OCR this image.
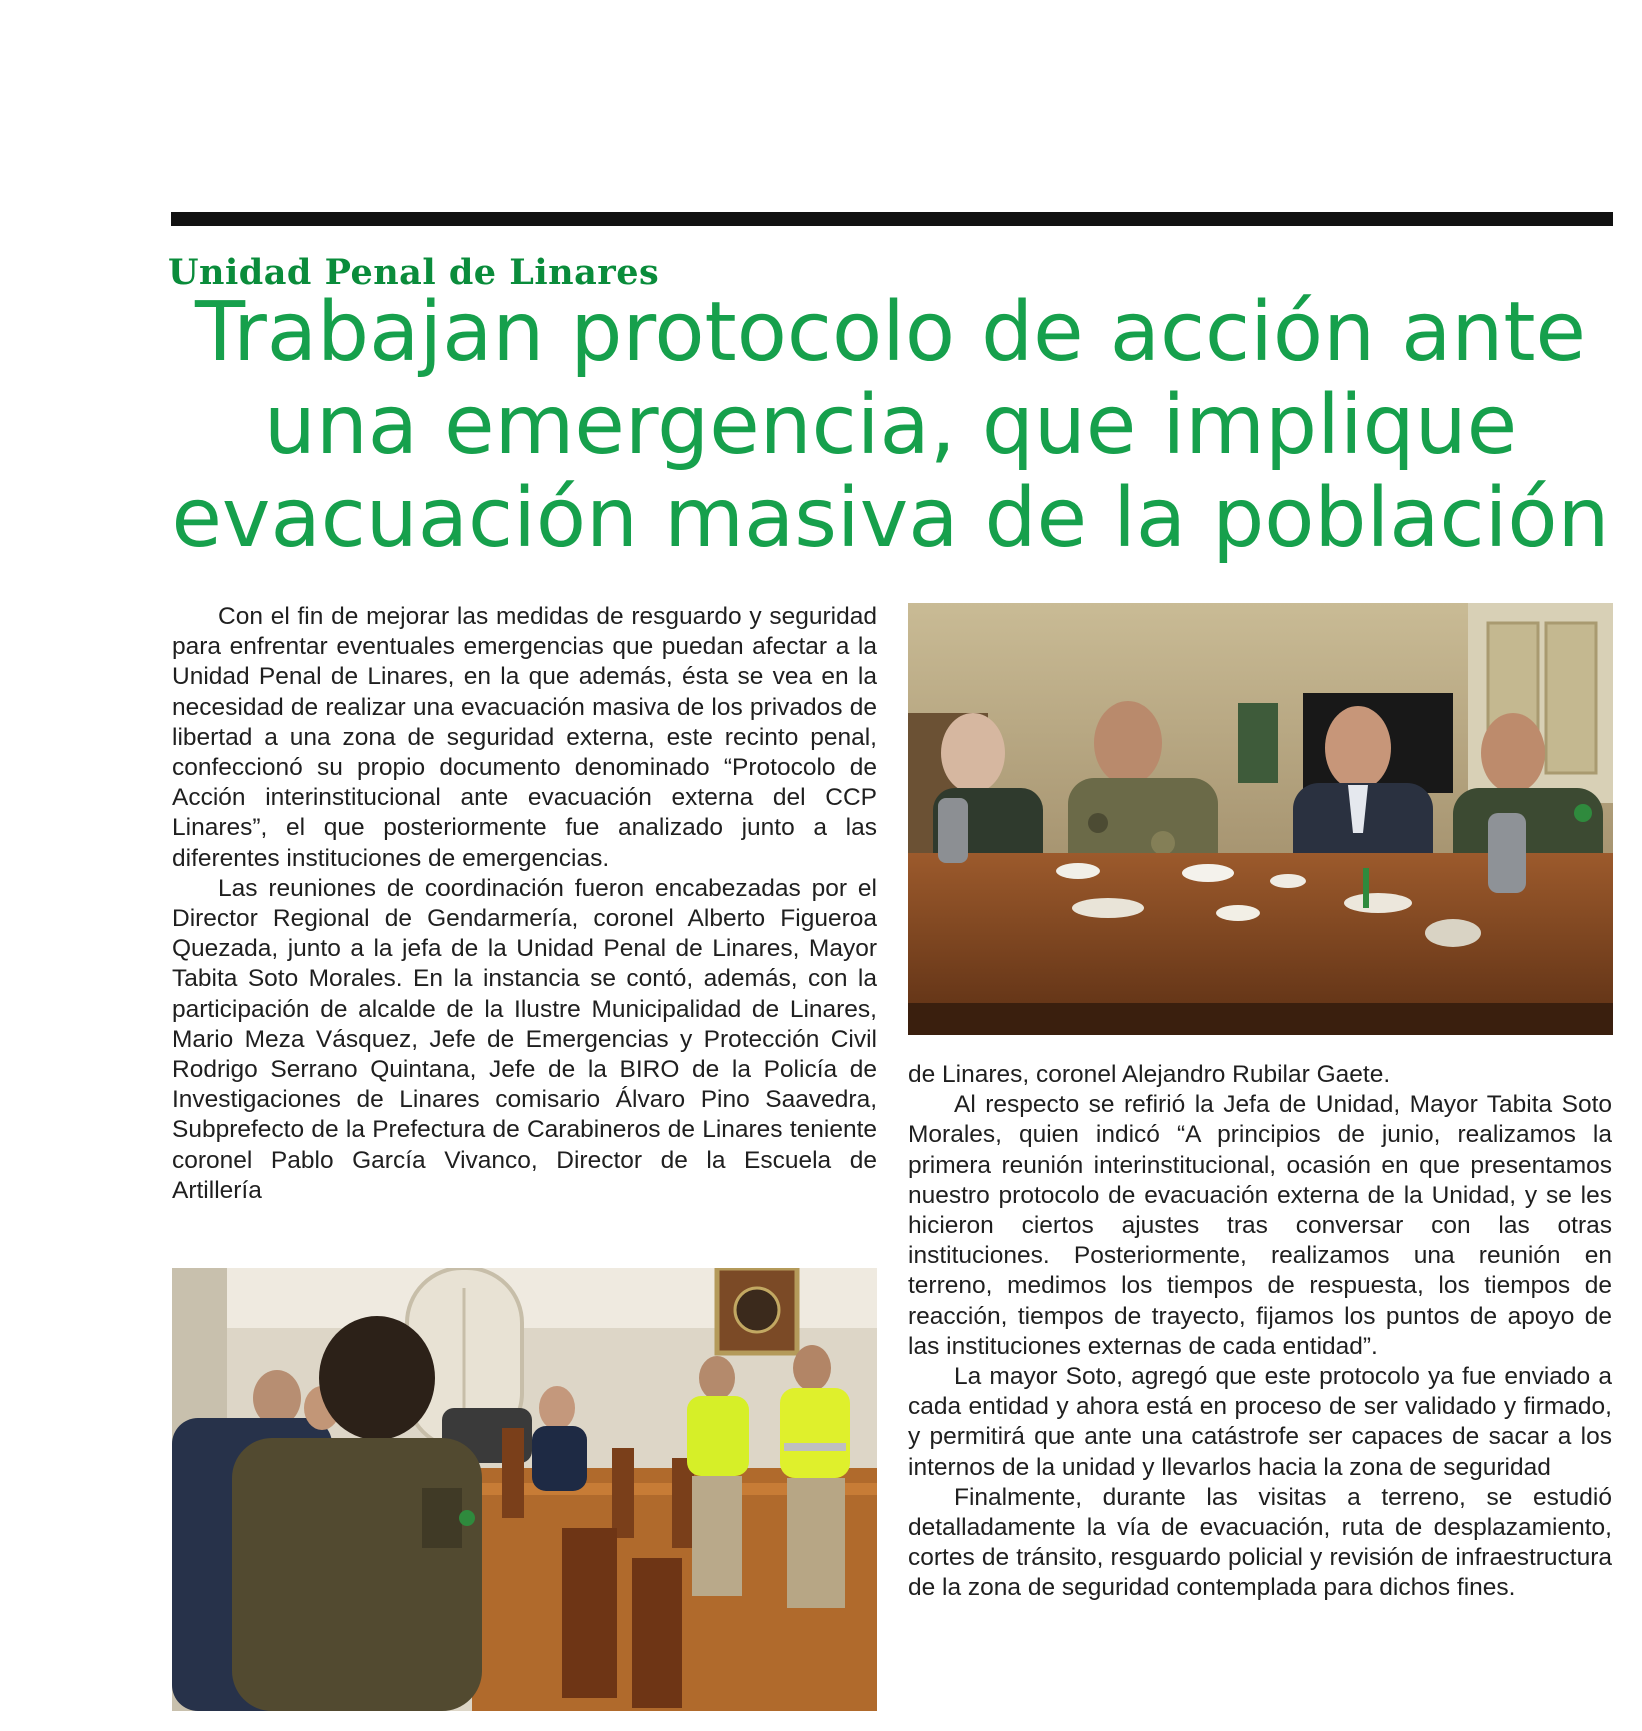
Unidad Penal de Linares
Trabajan protocolo de acción ante
una emergencia, que implique
evacuación masiva de la población

Con el fin de mejorar las medidas de resguardo y seguridad para enfrentar eventuales emergencias que puedan afectar a la Unidad Penal de Linares, en la que además, ésta se vea en la necesidad de realizar una evacuación masiva de los privados de libertad a una zona de seguridad externa, este recinto penal, confeccionó su propio documento denominado “Protocolo de Acción interinstitucional ante evacuación externa del CCP Linares”, el que posteriormente fue analizado junto a las diferentes instituciones de emergencias.

Las reuniones de coordinación fueron encabezadas por el Director Regional de Gendarmería, coronel Alberto Figueroa Quezada, junto a la jefa de la Unidad Penal de Linares, Mayor Tabita Soto Morales. En la instancia se contó, además, con la participación de alcalde de la Ilustre Municipalidad de Linares, Mario Meza Vásquez, Jefe de Emergencias y Protección Civil Rodrigo Serrano Quintana, Jefe de la BIRO de la Policía de Investigaciones de Linares comisario Álvaro Pino Saavedra, Subprefecto de la Prefectura de Carabineros de Linares teniente coronel Pablo García Vivanco, Director de la Escuela de Artillería

de Linares, coronel Alejandro Rubilar Gaete.

Al respecto se refirió la Jefa de Unidad, Mayor Tabita Soto Morales, quien indicó “A principios de junio, realizamos la primera reunión interinstitucional, ocasión en que presentamos nuestro protocolo de evacuación externa de la Unidad, y se les hicieron ciertos ajustes tras conversar con las otras instituciones. Posteriormente, realizamos una reunión en terreno, medimos los tiempos de respuesta, los tiempos de reacción, tiempos de trayecto, fijamos los puntos de apoyo de las instituciones externas de cada entidad”.

La mayor Soto, agregó que este protocolo ya fue enviado a cada entidad y ahora está en proceso de ser validado y firmado, y permitirá que ante una catástrofe ser capaces de sacar a los internos de la unidad y llevarlos hacia la zona de seguridad

Finalmente, durante las visitas a terreno, se estudió detalladamente la vía de evacuación, ruta de desplazamiento, cortes de tránsito, resguardo policial y revisión de infraestructura de la zona de seguridad contemplada para dichos fines.
